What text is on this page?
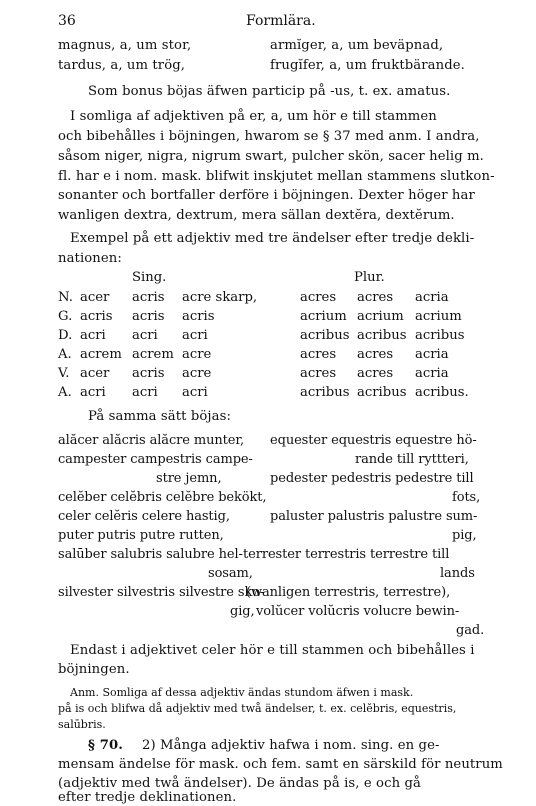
36	Formlära.
magnus, a, um stor,	armĭger, a, um beväpnad,
tardus, a, um trög,	frugĭfer, a, um fruktbärande.
Som bonus böjas äfwen particip på -us, t. ex. amatus.
I somliga af adjektiven på er, a, um hör e till stammen
och bibehålles i böjningen, hwarom se § 37 med anm. I andra,
såsom niger, nigra, nigrum swart, pulcher skön, sacer helig m.
fl. har e i nom. mask. blifwit inskjutet mellan stammens slutkon-
sonanter och bortfaller derföre i böjningen. Dexter höger har
wanligen dextra, dextrum, mera sällan dextĕra, dextĕrum.
Exempel på ett adjektiv med tre ändelser efter tredje dekli-
nationen:
Sing.	Plur.
N. acer acris acre skarp,	acres acres acria
G. acris acris acris	acrium acrium acrium
D. acri acri acri	acribus acribus acribus
A. acrem acrem acre	acres acres acria
V. acer acris acre	acres acres acria
A. acri acri acri	acribus acribus acribus.
På samma sätt böjas:
alăcer alăcris alăcre munter,
campester campestris campe-
stre jemn,
celĕber celĕbris celĕbre bekökt,
celer celĕris celere hastig,
puter putris putre rutten,
salūber salubris salubre hel-
sosam,
silvester silvestris silvestre sko-
gig,
equester equestris equestre hö-
rande till ryttteri,
pedester pedestris pedestre till
fots,
paluster palustris palustre sum-
pig,
terrester terrestris terrestre till
lands
(wanligen terrestris, terrestre),
volŭcer volŭcris volucre bewin-
gad.
Endast i adjektivet celer hör e till stammen och bibehålles i
böjningen.
Anm. Somliga af dessa adjektiv ändas stundom äfwen i mask.
på is och blifwa då adjektiv med twå ändelser, t. ex. celĕbris, equestris,
salūbris.
§ 70. 2) Många adjektiv hafwa i nom. sing. en ge-
mensam ändelse för mask. och fem. samt en särskild för neutrum
(adjektiv med twå ändelser). De ändas på is, e och gå
efter tredje deklinationen.
